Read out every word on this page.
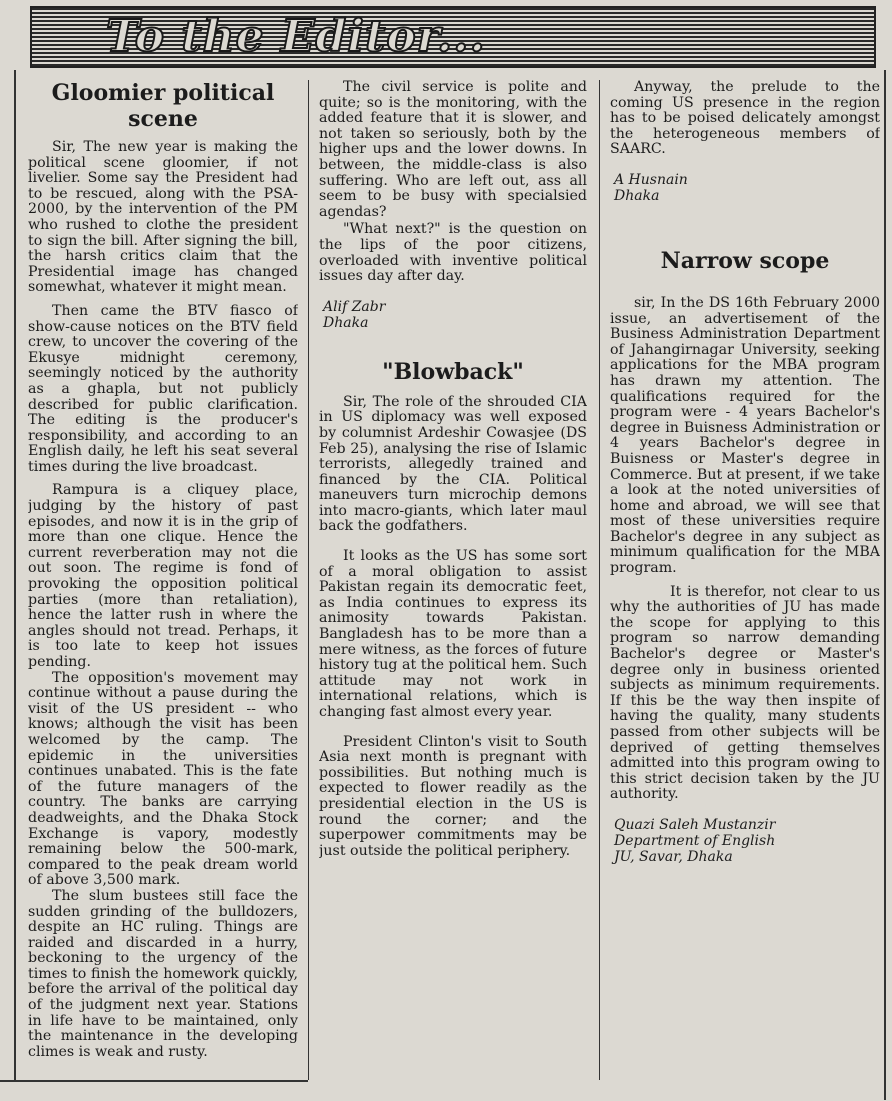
To the Editor...
Gloomier political scene

Sir, The new year is making the political scene gloomier, if not livelier. Some say the President had to be rescued, along with the PSA-2000, by the intervention of the PM who rushed to clothe the president to sign the bill. After signing the bill, the harsh critics claim that the Presidential image has changed somewhat, whatever it might mean.

Then came the BTV fiasco of show-cause notices on the BTV field crew, to uncover the covering of the Ekusye midnight ceremony, seemingly noticed by the authority as a ghapla, but not publicly described for public clarification. The editing is the producer's responsibility, and according to an English daily, he left his seat several times during the live broadcast.

Rampura is a cliquey place, judging by the history of past episodes, and now it is in the grip of more than one clique. Hence the current reverberation may not die out soon. The regime is fond of provoking the opposition political parties (more than retaliation), hence the latter rush in where the angles should not tread. Perhaps, it is too late to keep hot issues pending.

The opposition's movement may continue without a pause during the visit of the US president -- who knows; although the visit has been welcomed by the camp. The epidemic in the universities continues unabated. This is the fate of the future managers of the country. The banks are carrying deadweights, and the Dhaka Stock Exchange is vapory, modestly remaining below the 500-mark, compared to the peak dream world of above 3,500 mark.

The slum bustees still face the sudden grinding of the bulldozers, despite an HC ruling. Things are raided and discarded in a hurry, beckoning to the urgency of the times to finish the homework quickly, before the arrival of the political day of the judgment next year. Stations in life have to be maintained, only the maintenance in the developing climes is weak and rusty.

The civil service is polite and quite; so is the monitoring, with the added feature that it is slower, and not taken so seriously, both by the higher ups and the lower downs. In between, the middle-class is also suffering. Who are left out, ass all seem to be busy with specialsied agendas?

"What next?" is the question on the lips of the poor citizens, overloaded with inventive political issues day after day.

Alif Zabr
Dhaka
"Blowback"

Sir, The role of the shrouded CIA in US diplomacy was well exposed by columnist Ardeshir Cowasjee (DS Feb 25), analysing the rise of Islamic terrorists, allegedly trained and financed by the CIA. Political maneuvers turn microchip demons into macro-giants, which later maul back the godfathers.

It looks as the US has some sort of a moral obligation to assist Pakistan regain its democratic feet, as India continues to express its animosity towards Pakistan. Bangladesh has to be more than a mere witness, as the forces of future history tug at the political hem. Such attitude may not work in international relations, which is changing fast almost every year.

President Clinton's visit to South Asia next month is pregnant with possibilities. But nothing much is expected to flower readily as the presidential election in the US is round the corner; and the superpower commitments may be just outside the political periphery.

Anyway, the prelude to the coming US presence in the region has to be poised delicately amongst the heterogeneous members of SAARC.

A Husnain
Dhaka
Narrow scope

sir, In the DS 16th February 2000 issue, an advertisement of the Business Administration Department of Jahangirnagar University, seeking applications for the MBA program has drawn my attention. The qualifications required for the program were - 4 years Bachelor's degree in Buisness Administration or 4 years Bachelor's degree in Buisness or Master's degree in Commerce. But at present, if we take a look at the noted universities of home and abroad, we will see that most of these universities require Bachelor's degree in any subject as minimum qualification for the MBA program.

It is therefor, not clear to us why the authorities of JU has made the scope for applying to this program so narrow demanding Bachelor's degree or Master's degree only in business oriented subjects as minimum requirements. If this be the way then inspite of having the quality, many students passed from other subjects will be deprived of getting themselves admitted into this program owing to this strict decision taken by the JU authority.

Quazi Saleh Mustanzir
Department of English
JU, Savar, Dhaka
